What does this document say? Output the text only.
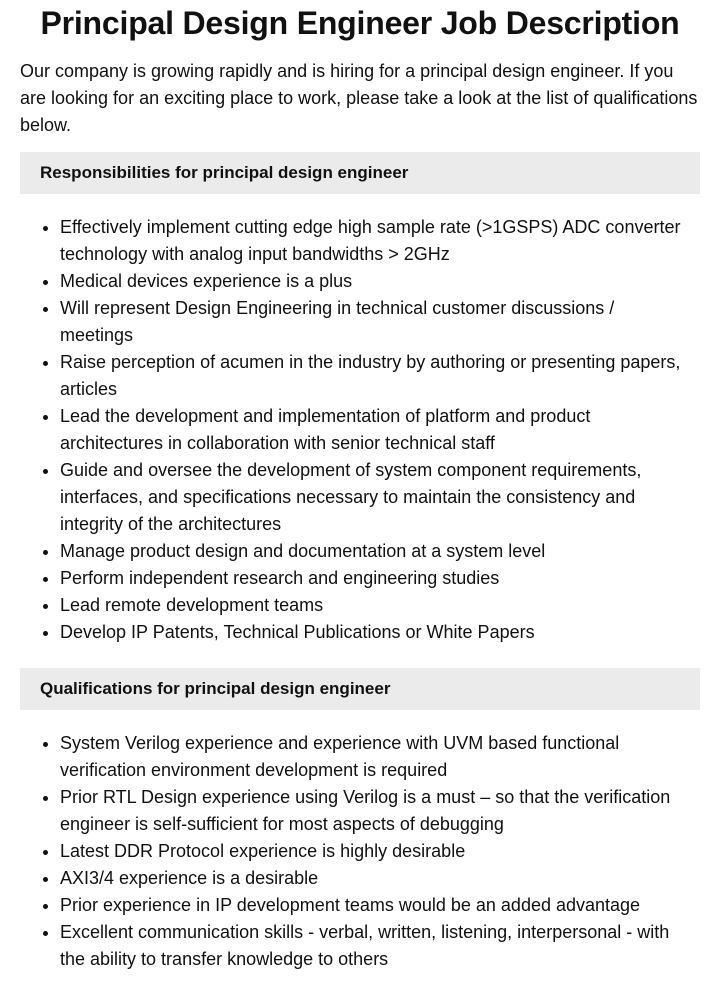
Principal Design Engineer Job Description

Our company is growing rapidly and is hiring for a principal design engineer. If you are looking for an exciting place to work, please take a look at the list of qualifications below.

Responsibilities for principal design engineer
• Effectively implement cutting edge high sample rate (>1GSPS) ADC converter technology with analog input bandwidths > 2GHz
• Medical devices experience is a plus
• Will represent Design Engineering in technical customer discussions / meetings
• Raise perception of acumen in the industry by authoring or presenting papers, articles
• Lead the development and implementation of platform and product architectures in collaboration with senior technical staff
• Guide and oversee the development of system component requirements, interfaces, and specifications necessary to maintain the consistency and integrity of the architectures
• Manage product design and documentation at a system level
• Perform independent research and engineering studies
• Lead remote development teams
• Develop IP Patents, Technical Publications or White Papers
Qualifications for principal design engineer
• System Verilog experience and experience with UVM based functional verification environment development is required
• Prior RTL Design experience using Verilog is a must – so that the verification engineer is self-sufficient for most aspects of debugging
• Latest DDR Protocol experience is highly desirable
• AXI3/4 experience is a desirable
• Prior experience in IP development teams would be an added advantage
• Excellent communication skills - verbal, written, listening, interpersonal - with the ability to transfer knowledge to others
